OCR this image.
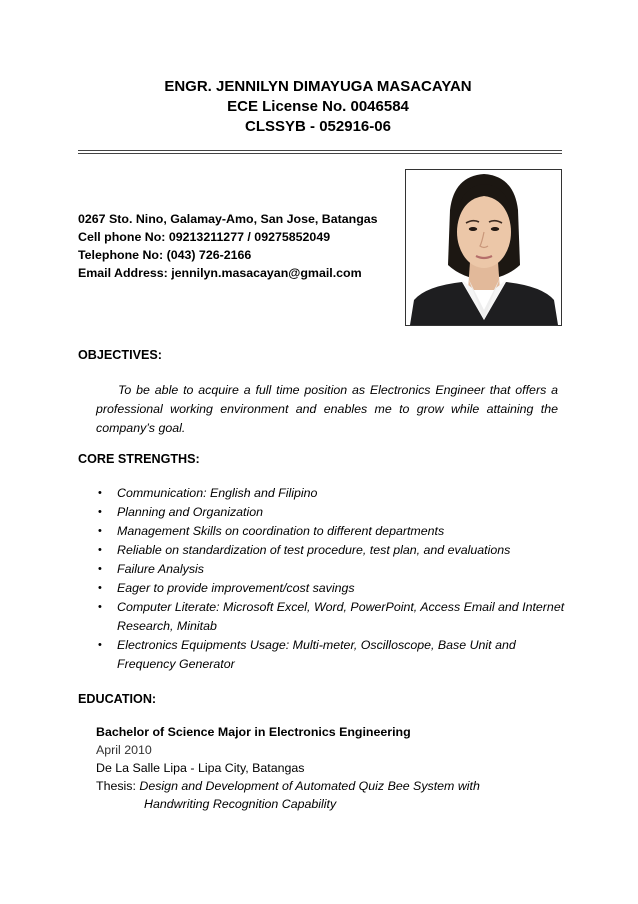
ENGR. JENNILYN DIMAYUGA MASACAYAN
ECE License No. 0046584
CLSSYB - 052916-06
0267 Sto. Nino, Galamay-Amo, San Jose, Batangas
Cell phone No: 09213211277 / 09275852049
Telephone No: (043) 726-2166
Email Address: jennilyn.masacayan@gmail.com
OBJECTIVES:
To be able to acquire a full time position as Electronics Engineer that offers a professional working environment and enables me to grow while attaining the company’s goal.
CORE STRENGTHS:
• Communication: English and Filipino
• Planning and Organization
• Management Skills on coordination to different departments
• Reliable on standardization of test procedure, test plan, and evaluations
• Failure Analysis
• Eager to provide improvement/cost savings
• Computer Literate: Microsoft Excel, Word, PowerPoint, Access Email and Internet Research, Minitab
• Electronics Equipments Usage: Multi-meter, Oscilloscope, Base Unit and Frequency Generator
EDUCATION:
Bachelor of Science Major in Electronics Engineering
April 2010
De La Salle Lipa - Lipa City, Batangas
Thesis: Design and Development of Automated Quiz Bee System with
Handwriting Recognition Capability
